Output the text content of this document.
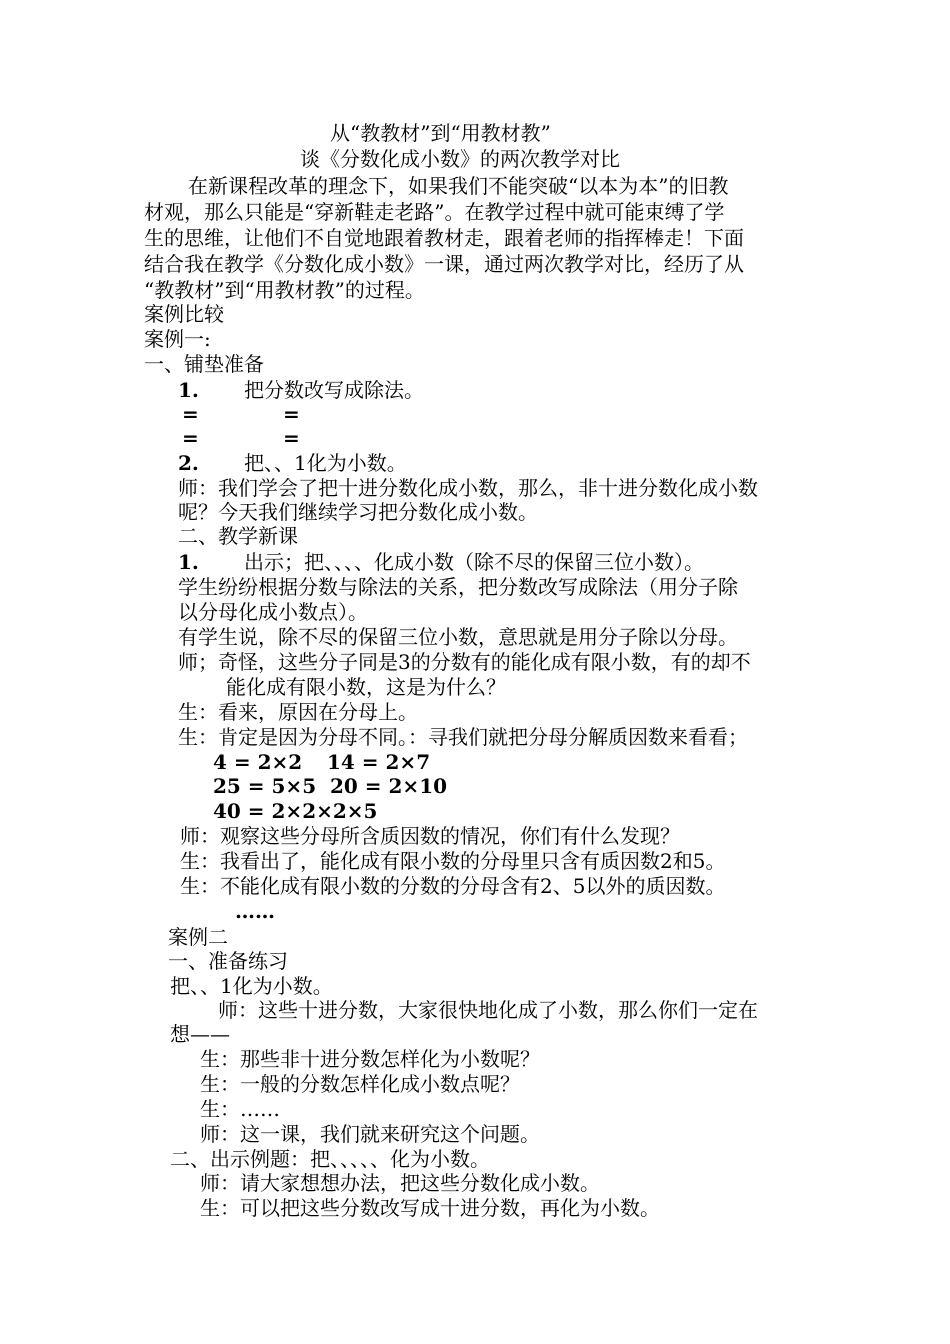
从“教教材”到“用教材教”
谈《分数化成小数》的两次教学对比
在新课程改革的理念下，如果我们不能突破“以本为本”的旧教
材观，那么只能是“穿新鞋走老路”。在教学过程中就可能束缚了学
生的思维，让他们不自觉地跟着教材走，跟着老师的指挥棒走！下面
结合我在教学《分数化成小数》一课，通过两次教学对比，经历了从
“教教材”到“用教材教”的过程。
案例比较
案例一:
一、铺垫准备
1. 把分数改写成除法。
=	=
=	=
2. 把、、1化为小数。
师：我们学会了把十进分数化成小数，那么，非十进分数化成小数
呢？今天我们继续学习把分数化成小数。
二、教学新课
1. 出示；把、、、、化成小数（除不尽的保留三位小数）。
学生纷纷根据分数与除法的关系，把分数改写成除法（用分子除
以分母化成小数点）。
有学生说，除不尽的保留三位小数，意思就是用分子除以分母。
师；奇怪，这些分子同是3的分数有的能化成有限小数，有的却不
能化成有限小数，这是为什么？
生：看来，原因在分母上。
生：肯定是因为分母不同。：寻我们就把分母分解质因数来看看；
4 = 2×2 14 = 2×7
25 = 5×5 20 = 2×10
40 = 2×2×2×5
师：观察这些分母所含质因数的情况，你们有什么发现？
生：我看出了，能化成有限小数的分母里只含有质因数2和5。
生：不能化成有限小数的分数的分母含有2、5以外的质因数。
……
案例二
一、准备练习
把、、1化为小数。
师：这些十进分数，大家很快地化成了小数，那么你们一定在
想——
生：那些非十进分数怎样化为小数呢？
生：一般的分数怎样化成小数点呢？
生：……
师：这一课，我们就来研究这个问题。
二、出示例题：把、、、、、化为小数。
师：请大家想想办法，把这些分数化成小数。
生：可以把这些分数改写成十进分数，再化为小数。
